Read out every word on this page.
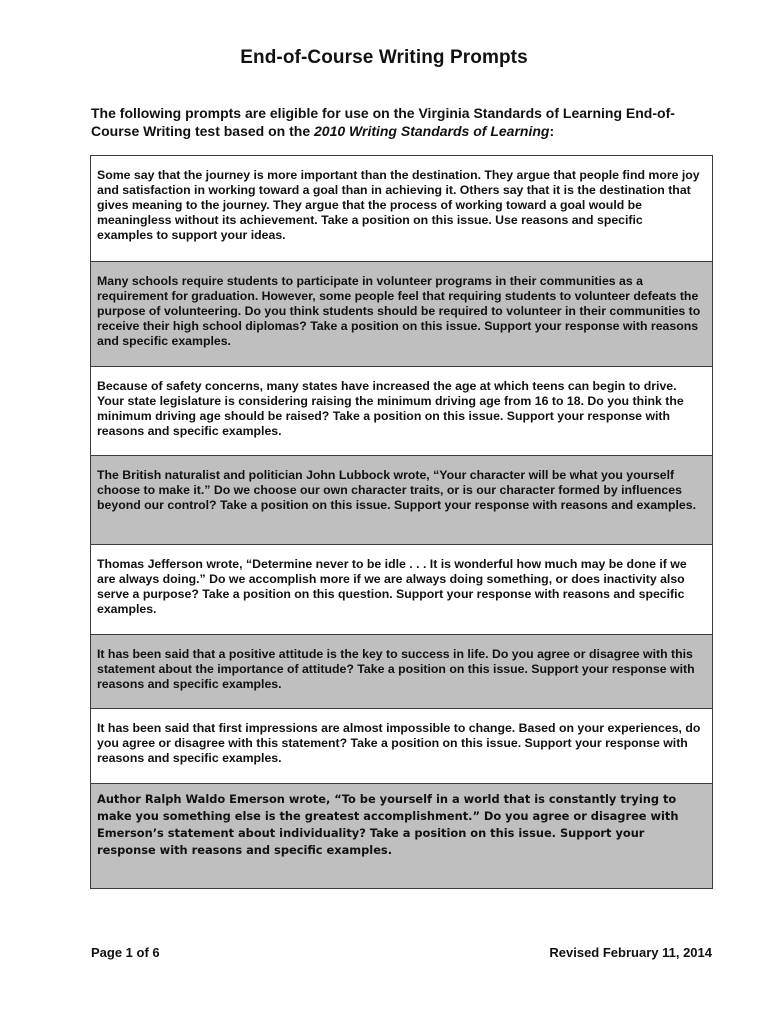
End-of-Course Writing Prompts
The following prompts are eligible for use on the Virginia Standards of Learning End-of-Course Writing test based on the 2010 Writing Standards of Learning:
Some say that the journey is more important than the destination. They argue that people find more joy and satisfaction in working toward a goal than in achieving it. Others say that it is the destination that gives meaning to the journey. They argue that the process of working toward a goal would be meaningless without its achievement. Take a position on this issue. Use reasons and specific examples to support your ideas.
Many schools require students to participate in volunteer programs in their communities as a requirement for graduation. However, some people feel that requiring students to volunteer defeats the purpose of volunteering. Do you think students should be required to volunteer in their communities to receive their high school diplomas? Take a position on this issue. Support your response with reasons and specific examples.
Because of safety concerns, many states have increased the age at which teens can begin to drive. Your state legislature is considering raising the minimum driving age from 16 to 18. Do you think the minimum driving age should be raised? Take a position on this issue. Support your response with reasons and specific examples.
The British naturalist and politician John Lubbock wrote, “Your character will be what you yourself choose to make it.” Do we choose our own character traits, or is our character formed by influences beyond our control? Take a position on this issue. Support your response with reasons and examples.
Thomas Jefferson wrote, “Determine never to be idle . . . It is wonderful how much may be done if we are always doing.” Do we accomplish more if we are always doing something, or does inactivity also serve a purpose? Take a position on this question. Support your response with reasons and specific examples.
It has been said that a positive attitude is the key to success in life. Do you agree or disagree with this statement about the importance of attitude? Take a position on this issue. Support your response with reasons and specific examples.
It has been said that first impressions are almost impossible to change. Based on your experiences, do you agree or disagree with this statement? Take a position on this issue. Support your response with reasons and specific examples.
Author Ralph Waldo Emerson wrote, “To be yourself in a world that is constantly trying to make you something else is the greatest accomplishment.” Do you agree or disagree with Emerson’s statement about individuality? Take a position on this issue. Support your response with reasons and specific examples.
Page 1 of 6	Revised February 11, 2014
